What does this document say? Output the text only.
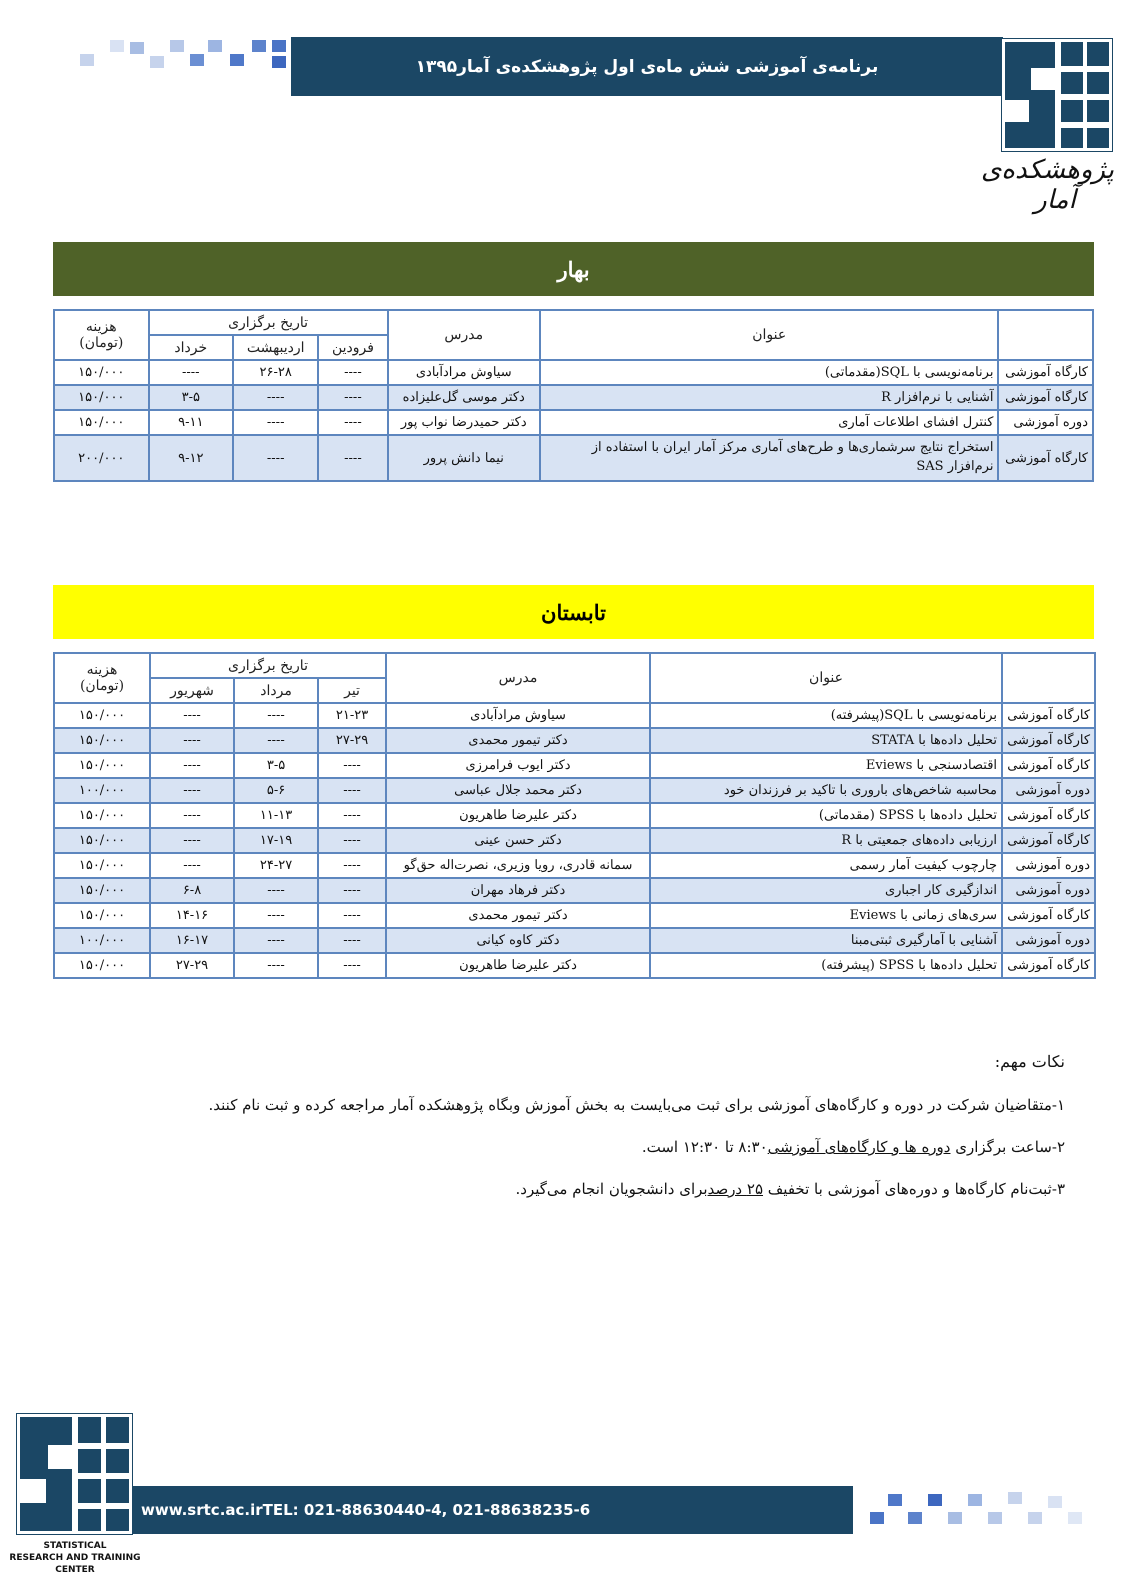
برنامه‌ی آموزشی شش ماه‌ی اول پژوهشکده‌ی آمار۱۳۹۵
پژوهشکده‌ی آمار
بهار
	عنوان	مدرس	تاریخ برگزاری			هزینه
(تومان)
			فرودین	اردیبهشت	خرداد	
کارگاه آموزشی	برنامه‌نویسی با SQL(مقدماتی)	سیاوش مرادآبادی	----	۲۶-۲۸	----	۱۵۰/۰۰۰
کارگاه آموزشی	آشنایی با نرم‌افزار R	دکتر موسی گل‌علیزاده	----	----	۳-۵	۱۵۰/۰۰۰
دوره آموزشی	کنترل افشای اطلاعات آماری	دکتر حمیدرضا نواب پور	----	----	۹-۱۱	۱۵۰/۰۰۰
کارگاه آموزشی	استخراج نتایج سرشماری‌ها و طرح‌های آماری مرکز آمار ایران با استفاده از نرم‌افزار SAS	نیما دانش پرور	----	----	۹-۱۲	۲۰۰/۰۰۰
تابستان
	عنوان	مدرس	تاریخ برگزاری			هزینه
(تومان)
			تیر	مرداد	شهریور	
کارگاه آموزشی	برنامه‌نویسی با SQL(پیشرفته)	سیاوش مرادآبادی	۲۱-۲۳	----	----	۱۵۰/۰۰۰
کارگاه آموزشی	تحلیل داده‌ها با STATA	دکتر تیمور محمدی	۲۷-۲۹	----	----	۱۵۰/۰۰۰
کارگاه آموزشی	اقتصادسنجی با Eviews	دکتر ایوب فرامرزی	----	۳-۵	----	۱۵۰/۰۰۰
دوره آموزشی	محاسبه شاخص‌های باروری با تاکید بر فرزندان خود	دکتر محمد جلال عباسی	----	۵-۶	----	۱۰۰/۰۰۰
کارگاه آموزشی	تحلیل داده‌ها با SPSS (مقدماتی)	دکتر علیرضا طاهریون	----	۱۱-۱۳	----	۱۵۰/۰۰۰
کارگاه آموزشی	ارزیابی داده‌های جمعیتی با R	دکتر حسن عینی	----	۱۷-۱۹	----	۱۵۰/۰۰۰
دوره آموزشی	چارچوب کیفیت آمار رسمی	سمانه قادری، رویا وزیری، نصرت‌اله حق‌گو	----	۲۴-۲۷	----	۱۵۰/۰۰۰
دوره آموزشی	اندازگیری کار اجباری	دکتر فرهاد مهران	----	----	۶-۸	۱۵۰/۰۰۰
کارگاه آموزشی	سری‌های زمانی با Eviews	دکتر تیمور محمدی	----	----	۱۴-۱۶	۱۵۰/۰۰۰
دوره آموزشی	آشنایی با آمارگیری ثبتی‌مبنا	دکتر کاوه کیانی	----	----	۱۶-۱۷	۱۰۰/۰۰۰
کارگاه آموزشی	تحلیل داده‌ها با SPSS (پیشرفته)	دکتر علیرضا طاهریون	----	----	۲۷-۲۹	۱۵۰/۰۰۰
نکات مهم:
۱-متقاضیان شرکت در دوره و کارگاه‌های آموزشی برای ثبت می‌بایست به بخش آموزش وبگاه پژوهشکده آمار مراجعه کرده و ثبت نام کنند.
۲-ساعت برگزاری دوره ها و کارگاه‌های آموزشی۸:۳۰ تا ۱۲:۳۰ است.
۳-ثبت‌نام کارگاه‌ها و دوره‌های آموزشی با تخفیف ۲۵ درصدبرای دانشجویان انجام می‌گیرد.
STATISTICAL
RESEARCH AND TRAINING
CENTER
www.srtc.ac.irTEL: 021-88630440-4, 021-88638235-6
